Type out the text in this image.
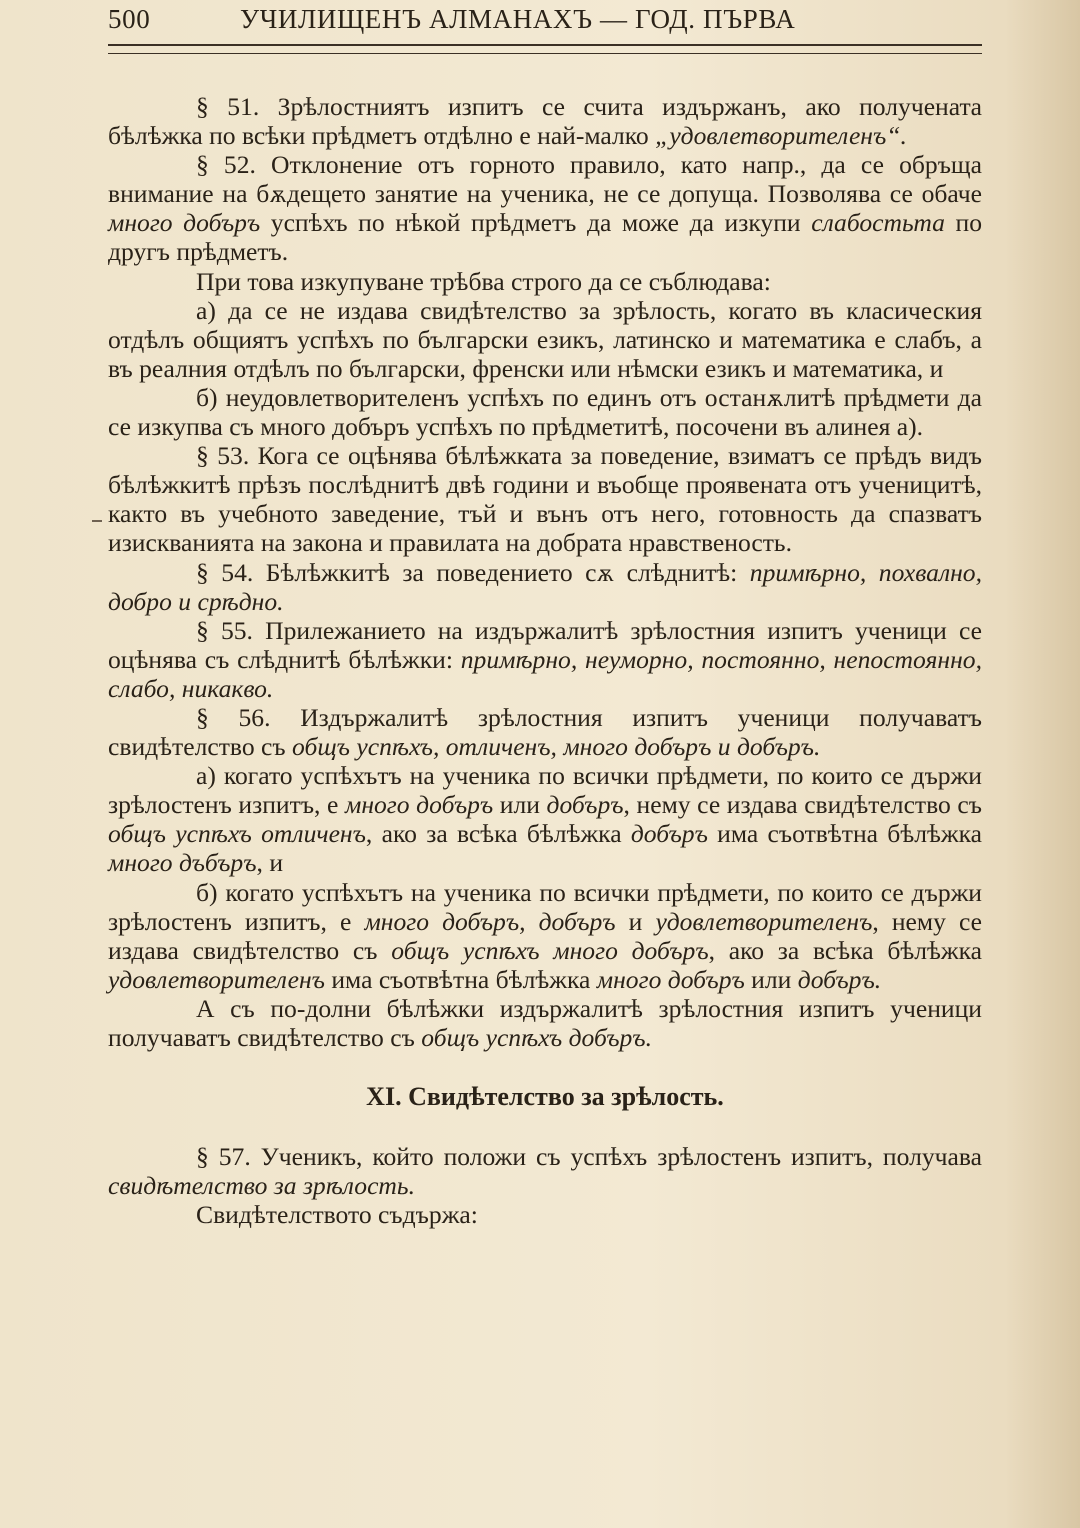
500	УЧИЛИЩЕНЪ АЛМАНАХЪ — ГОД. ПЪРВА

§ 51. Зрѣлостниятъ изпитъ се счита издържанъ, ако полученатa бѣлѣжка по всѣки прѣдметъ отдѣлно е най-малко „удовлетворителенъ“.

§ 52. Отклонение отъ горното правило, като напр., да се обръща внимание на бѫдещето занятие на ученика, не се допуща. Позволява се обаче много добъръ успѣхъ по нѣкой прѣдметъ да може да изкупи слабостьта по другъ прѣдметъ.

При това изкупуване трѣбва строго да се съблюдава:

а) да се не издава свидѣтелство за зрѣлость, когато въ класическия отдѣлъ общиятъ успѣхъ по български езикъ, латинско и математика е слабъ, а въ реалния отдѣлъ по български, френски или нѣмски езикъ и математика, и

б) неудовлетворителенъ успѣхъ по единъ отъ останѫлитѣ прѣдмети да се изкупва съ много добъръ успѣхъ по прѣдметитѣ, посочени въ алинея а).

§ 53. Кога се оцѣнява бѣлѣжката за поведение, взиматъ се прѣдъ видъ бѣлѣжкитѣ прѣзъ послѣднитѣ двѣ години и въобще проявената отъ ученицитѣ, както въ учебното заведение, тъй и вънъ отъ него, готовность да спазватъ изискванията на закона и правилата на добрата нравственость.

§ 54. Бѣлѣжкитѣ за поведението сѫ слѣднитѣ: примѣрно, похвално, добро и срѣдно.

§ 55. Прилежанието на издържалитѣ зрѣлостния изпитъ ученици се оцѣнява съ слѣднитѣ бѣлѣжки: примѣрно, неуморно, постоянно, непостоянно, слабо, никакво.

§ 56. Издържалитѣ зрѣлостния изпитъ ученици получаватъ свидѣтелство съ общъ успѣхъ, отличенъ, много добъръ и добъръ.

а) когато успѣхътъ на ученика по всички прѣдмети, по които се държи зрѣлостенъ изпитъ, е много добъръ или добъръ, нему се издава свидѣтелство съ общъ успѣхъ отличенъ, ако за всѣка бѣлѣжка добъръ има съотвѣтна бѣлѣжка много дъбъръ, и

б) когато успѣхътъ на ученика по всички прѣдмети, по които се държи зрѣлостенъ изпитъ, е много добъръ, добъръ и удовлетворителенъ, нему се издава свидѣтелство съ общъ успѣхъ много добъръ, ако за всѣка бѣлѣжка удовлетворителенъ има съотвѣтна бѣлѣжка много добъръ или добъръ.

А съ по-долни бѣлѣжки издържалитѣ зрѣлостния изпитъ ученици получаватъ свидѣтелство съ общъ успѣхъ добъръ.

XI. Свидѣтелство за зрѣлость.

§ 57. Ученикъ, който положи съ успѣхъ зрѣлостенъ изпитъ, получава свидѣтелство за зрѣлость.

Свидѣтелството съдържа:
